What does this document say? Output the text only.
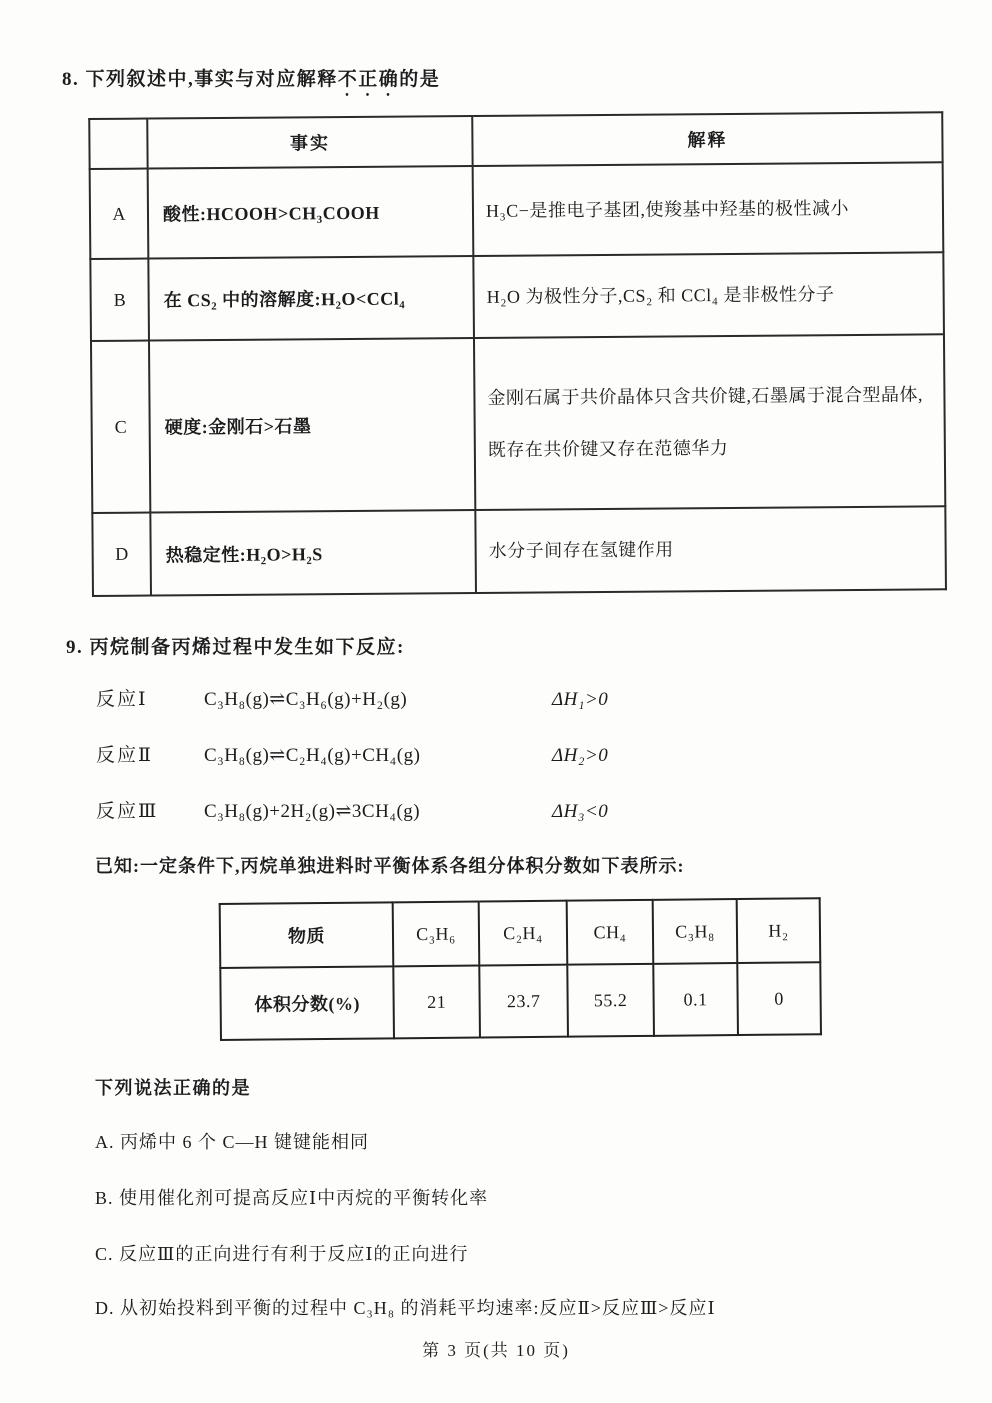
8. 下列叙述中,事实与对应解释不正确的是
	事实	解释
A	酸性:HCOOH>CH₃COOH	H₃C−是推电子基团,使羧基中羟基的极性减小
B	在 CS₂ 中的溶解度:H₂O<CCl₄	H₂O 为极性分子,CS₂ 和 CCl₄ 是非极性分子
C	硬度:金刚石>石墨	金刚石属于共价晶体只含共价键,石墨属于混合型晶体,既存在共价键又存在范德华力
D	热稳定性:H₂O>H₂S	水分子间存在氢键作用
9. 丙烷制备丙烯过程中发生如下反应:
反应Ⅰ	C₃H₈(g)⇌C₃H₆(g)+H₂(g)	ΔH₁>0
反应Ⅱ	C₃H₈(g)⇌C₂H₄(g)+CH₄(g)	ΔH₂>0
反应Ⅲ	C₃H₈(g)+2H₂(g)⇌3CH₄(g)	ΔH₃<0
已知:一定条件下,丙烷单独进料时平衡体系各组分体积分数如下表所示:
物质	C₃H₆	C₂H₄	CH₄	C₃H₈	H₂
体积分数(%)	21	23.7	55.2	0.1	0
下列说法正确的是
A. 丙烯中 6 个 C—H 键键能相同
B. 使用催化剂可提高反应Ⅰ中丙烷的平衡转化率
C. 反应Ⅲ的正向进行有利于反应Ⅰ的正向进行
D. 从初始投料到平衡的过程中 C₃H₈ 的消耗平均速率:反应Ⅱ>反应Ⅲ>反应Ⅰ
第 3 页(共 10 页)
